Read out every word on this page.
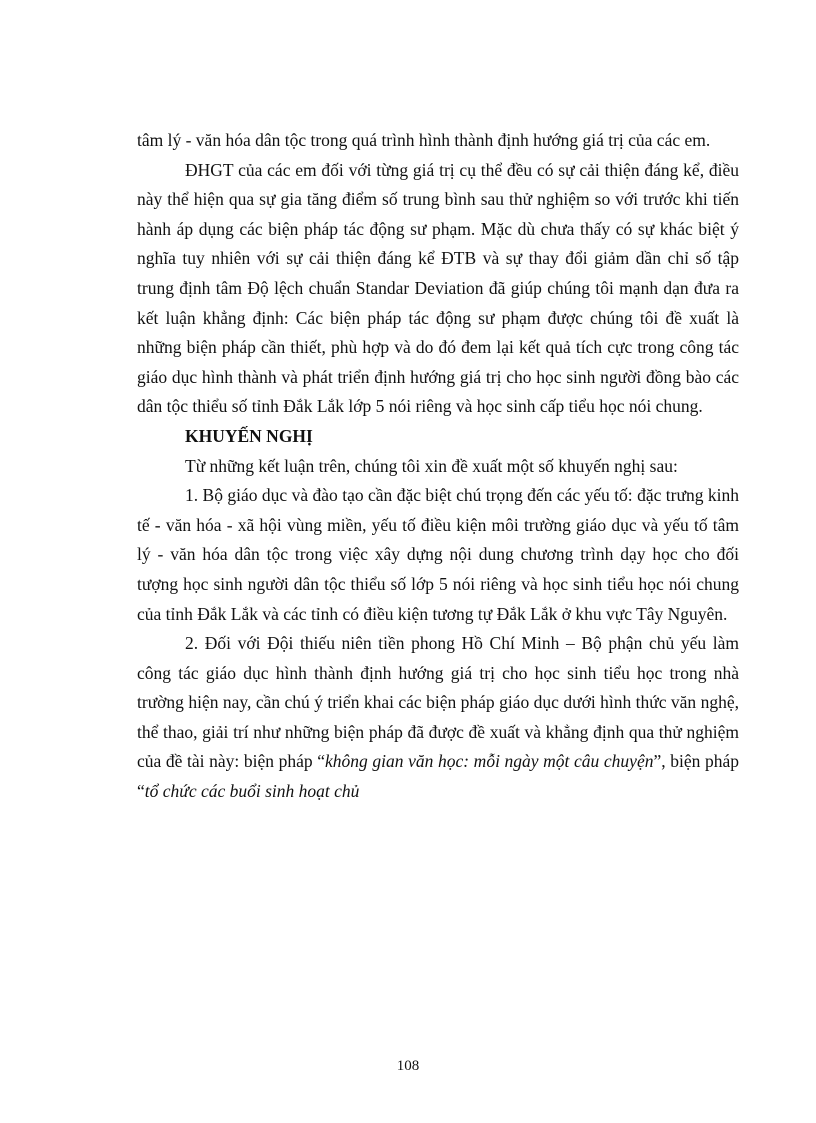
tâm lý - văn hóa dân tộc trong quá trình hình thành định hướng giá trị của các em.

ĐHGT của các em đối với từng giá trị cụ thể đều có sự cải thiện đáng kể, điều này thể hiện qua sự gia tăng điểm số trung bình sau thử nghiệm so với trước khi tiến hành áp dụng các biện pháp tác động sư phạm. Mặc dù chưa thấy có sự khác biệt ý nghĩa tuy nhiên với sự cải thiện đáng kể ĐTB và sự thay đổi giảm dần chỉ số tập trung định tâm Độ lệch chuẩn Standar Deviation đã giúp chúng tôi mạnh dạn đưa ra kết luận khẳng định: Các biện pháp tác động sư phạm được chúng tôi đề xuất là những biện pháp cần thiết, phù hợp và do đó đem lại kết quả tích cực trong công tác giáo dục hình thành và phát triển định hướng giá trị cho học sinh người đồng bào các dân tộc thiểu số tỉnh Đắk Lắk lớp 5 nói riêng và học sinh cấp tiểu học nói chung.

KHUYẾN NGHỊ

Từ những kết luận trên, chúng tôi xin đề xuất một số khuyến nghị sau:

1. Bộ giáo dục và đào tạo cần đặc biệt chú trọng đến các yếu tố: đặc trưng kinh tế - văn hóa - xã hội vùng miền, yếu tố điều kiện môi trường giáo dục và yếu tố tâm lý - văn hóa dân tộc trong việc xây dựng nội dung chương trình dạy học cho đối tượng học sinh người dân tộc thiểu số lớp 5 nói riêng và học sinh tiểu học nói chung của tỉnh Đắk Lắk và các tỉnh có điều kiện tương tự Đắk Lắk ở khu vực Tây Nguyên.

2. Đối với Đội thiếu niên tiền phong Hồ Chí Minh – Bộ phận chủ yếu làm công tác giáo dục hình thành định hướng giá trị cho học sinh tiểu học trong nhà trường hiện nay, cần chú ý triển khai các biện pháp giáo dục dưới hình thức văn nghệ, thể thao, giải trí như những biện pháp đã được đề xuất và khẳng định qua thử nghiệm của đề tài này: biện pháp “không gian văn học: mỗi ngày một câu chuyện”, biện pháp “tổ chức các buổi sinh hoạt chủ

108
